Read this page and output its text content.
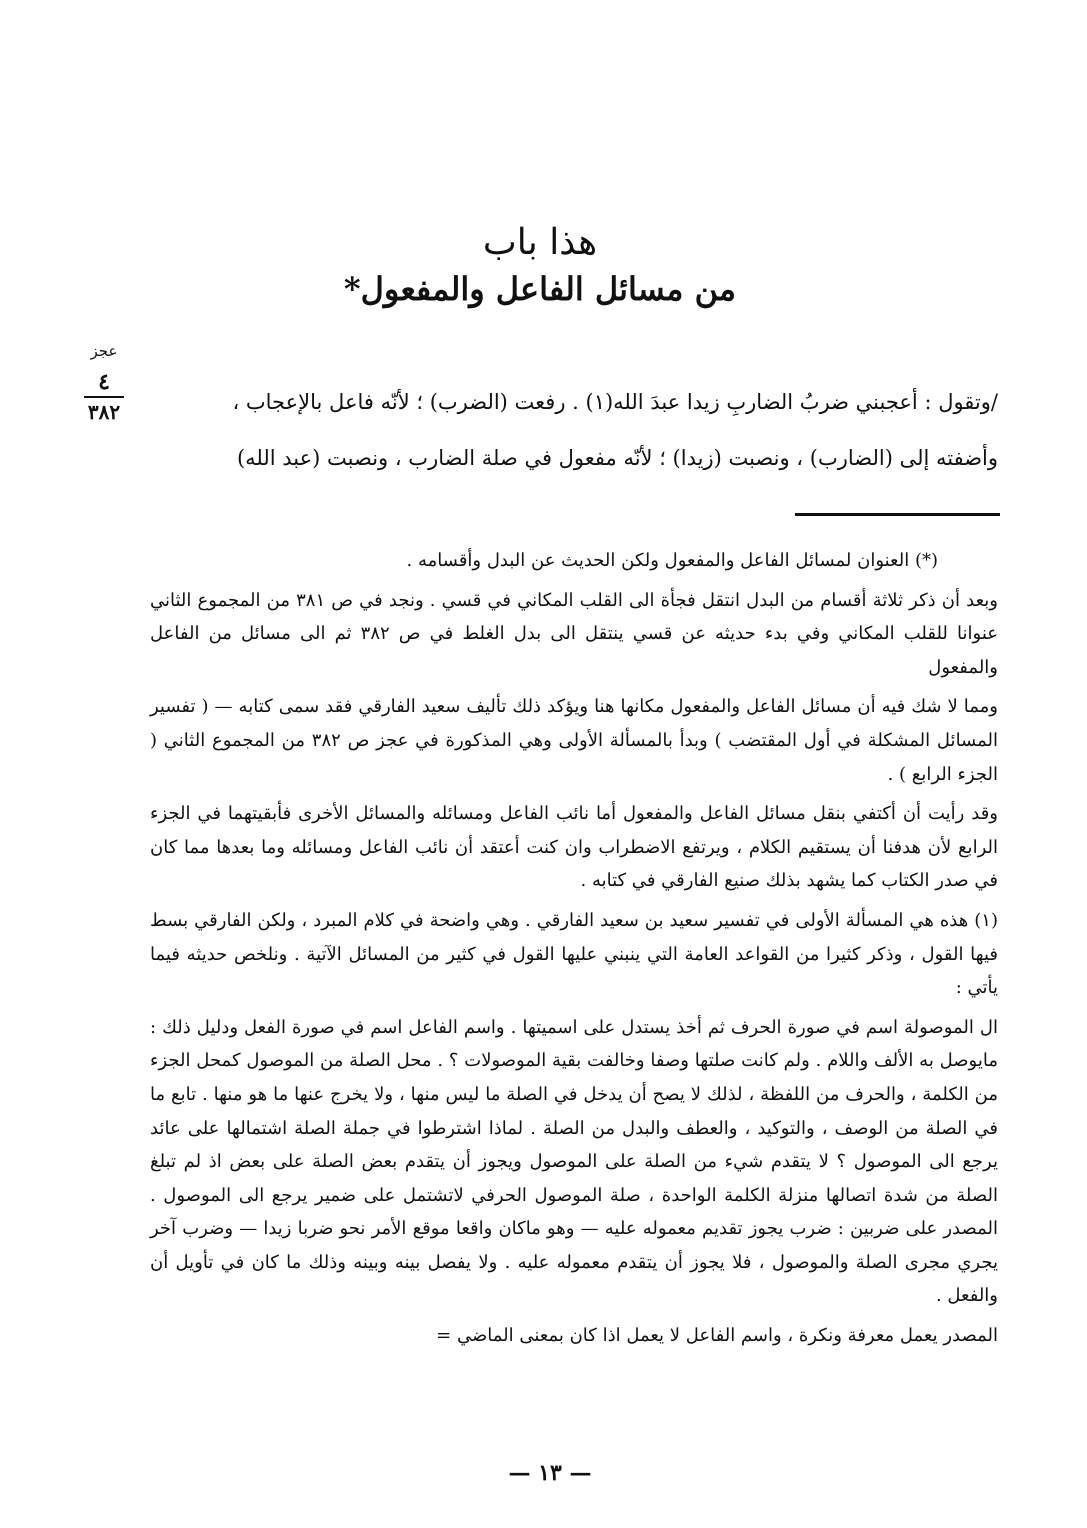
هذا باب
من مسائل الفاعل والمفعول*
عجز
٤
٣٨٢	/وتقول : أعجبني ضربُ الضاربِ زيدا عبدَ الله(١) . رفعت (الضرب) ؛ لأنّه فاعل بالإعجاب ،

وأضفته إلى (الضارب) ، ونصبت (زيدا) ؛ لأنّه مفعول في صلة الضارب ، ونصبت (عبد الله)

(*) العنوان لمسائل الفاعل والمفعول ولكن الحديث عن البدل وأقسامه .

وبعد أن ذكر ثلاثة أقسام من البدل انتقل فجأة الى القلب المكاني في قسي . ونجد في ص ٣٨١ من المجموع الثاني عنوانا للقلب المكاني وفي بدء حديثه عن قسي ينتقل الى بدل الغلط في ص ٣٨٢ ثم الى مسائل من الفاعل والمفعول

ومما لا شك فيه أن مسائل الفاعل والمفعول مكانها هنا ويؤكد ذلك تأليف سعيد الفارقي فقد سمى كتابه — ( تفسير المسائل المشكلة في أول المقتضب ) وبدأ بالمسألة الأولى وهي المذكورة في عجز ص ٣٨٢ من المجموع الثاني ( الجزء الرابع ) .

وقد رأيت أن أكتفي بنقل مسائل الفاعل والمفعول أما نائب الفاعل ومسائله والمسائل الأخرى فأبقيتهما في الجزء الرابع لأن هدفنا أن يستقيم الكلام ، ويرتفع الاضطراب وان كنت أعتقد أن نائب الفاعل ومسائله وما بعدها مما كان في صدر الكتاب كما يشهد بذلك صنيع الفارقي في كتابه .

(١) هذه هي المسألة الأولى في تفسير سعيد بن سعيد الفارقي . وهي واضحة في كلام المبرد ، ولكن الفارقي بسط فيها القول ، وذكر كثيرا من القواعد العامة التي ينبني عليها القول في كثير من المسائل الآتية . ونلخص حديثه فيما يأتي :

ال الموصولة اسم في صورة الحرف ثم أخذ يستدل على اسميتها . واسم الفاعل اسم في صورة الفعل ودليل ذلك : مايوصل به الألف واللام . ولم كانت صلتها وصفا وخالفت بقية الموصولات ؟ . محل الصلة من الموصول كمحل الجزء من الكلمة ، والحرف من اللفظة ، لذلك لا يصح أن يدخل في الصلة ما ليس منها ، ولا يخرج عنها ما هو منها . تابع ما في الصلة من الوصف ، والتوكيد ، والعطف والبدل من الصلة . لماذا اشترطوا في جملة الصلة اشتمالها على عائد يرجع الى الموصول ؟ لا يتقدم شيء من الصلة على الموصول ويجوز أن يتقدم بعض الصلة على بعض اذ لم تبلغ الصلة من شدة اتصالها منزلة الكلمة الواحدة ، صلة الموصول الحرفي لاتشتمل على ضمير يرجع الى الموصول . المصدر على ضربين : ضرب يجوز تقديم معموله عليه — وهو ماكان واقعا موقع الأمر نحو ضربا زيدا — وضرب آخر يجري مجرى الصلة والموصول ، فلا يجوز أن يتقدم معموله عليه . ولا يفصل بينه وبينه وذلك ما كان في تأويل أن والفعل .

المصدر يعمل معرفة ونكرة ، واسم الفاعل لا يعمل اذا كان بمعنى الماضي =

— ١٣ —
